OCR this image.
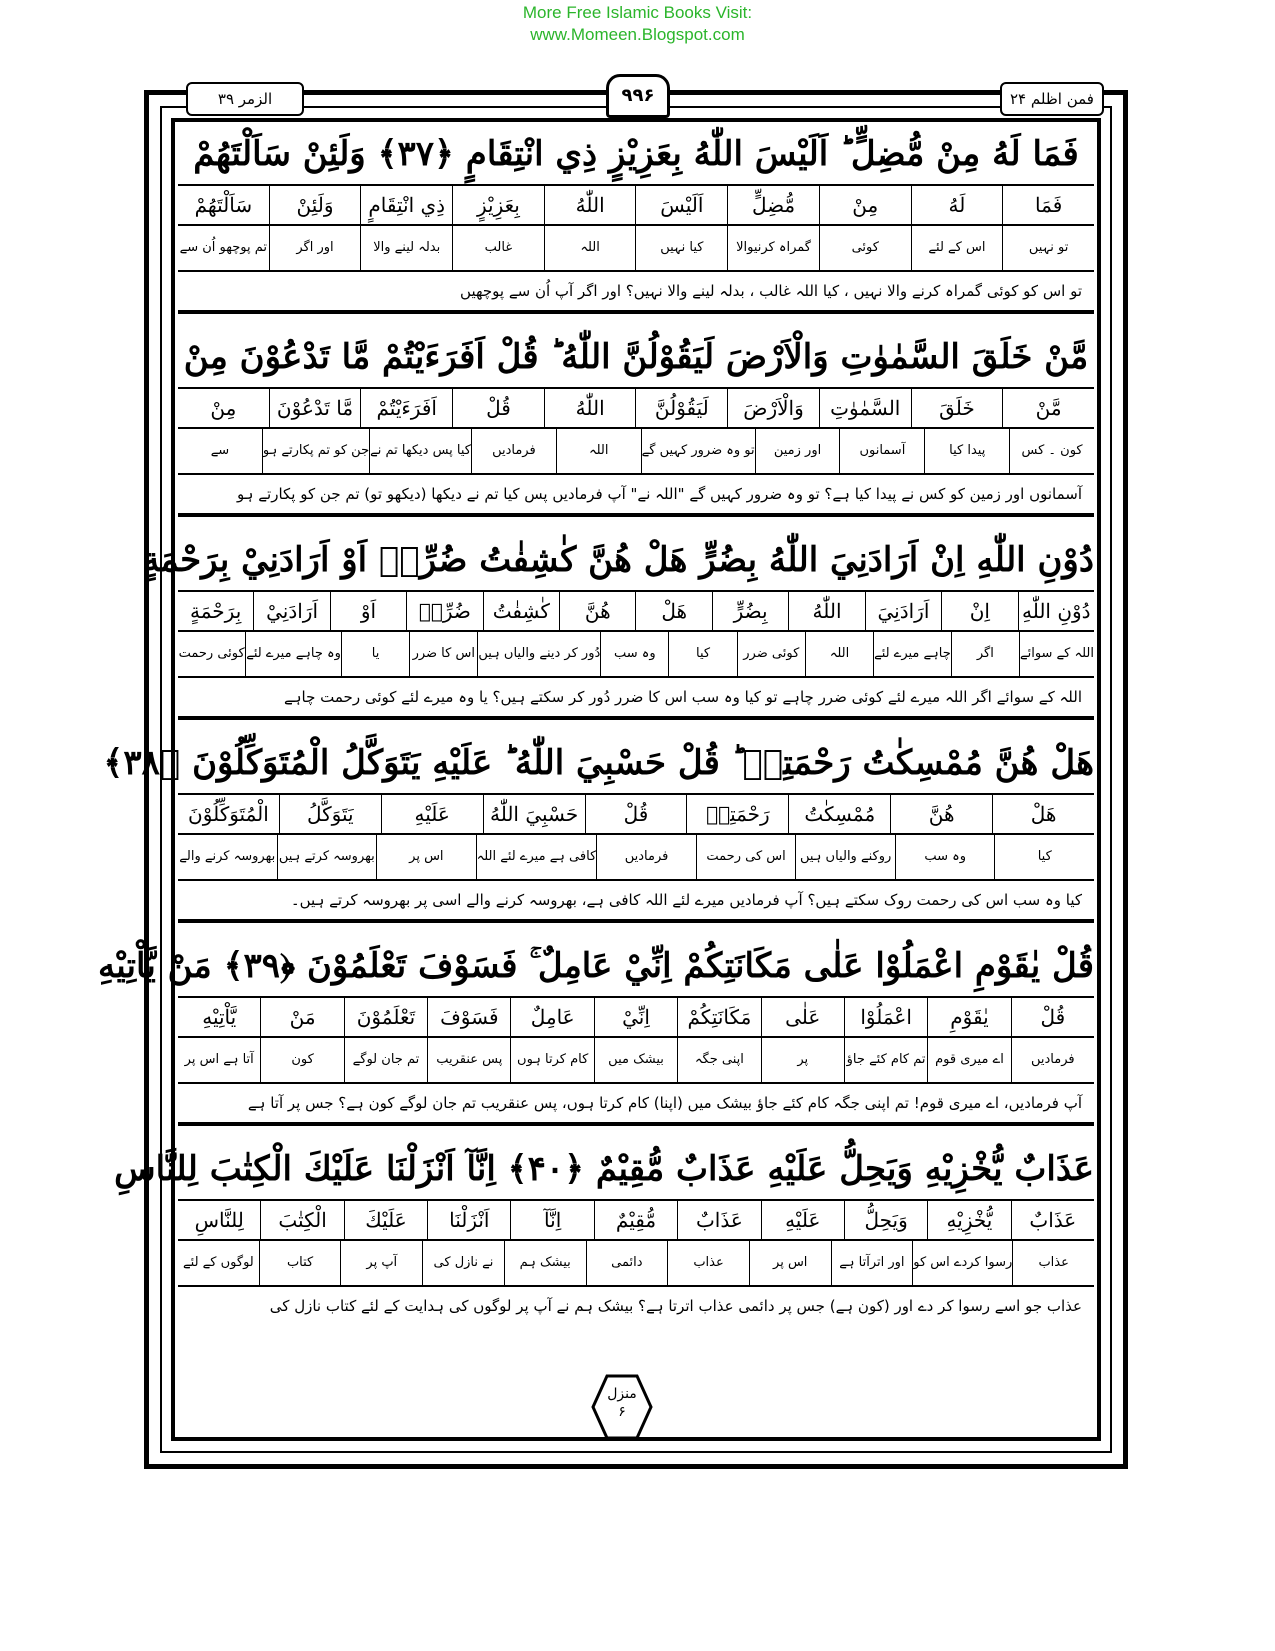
More Free Islamic Books Visit:
www.Momeen.Blogspot.com
الزمر ۳۹	۹۹۶	فمن اظلم ۲۴
فَمَا لَهُ مِنْ مُّضِلٍّ ؕ اَلَيْسَ اللّٰهُ بِعَزِيْزٍ ذِي انْتِقَامٍ ﴿۳۷﴾ وَلَئِنْ سَاَلْتَهُمْ
فَمَا
لَهُ
مِنْ
مُّضِلٍّ
اَلَيْسَ
اللّٰهُ
بِعَزِيْزٍ
ذِي انْتِقَامٍ
وَلَئِنْ
سَاَلْتَهُمْ
تو نہیں
اس کے لئے
کوئی
گمراہ کرنیوالا
کیا نہیں
اللہ
غالب
بدلہ لینے والا
اور اگر
تم پوچھو اُن سے
تو اس کو کوئی گمراہ کرنے والا نہیں ، کیا اللہ غالب ، بدلہ لینے والا نہیں؟ اور اگر آپ اُن سے پوچھیں
مَّنْ خَلَقَ السَّمٰوٰتِ وَالْاَرْضَ لَيَقُوْلُنَّ اللّٰهُ ؕ قُلْ اَفَرَءَيْتُمْ مَّا تَدْعُوْنَ مِنْ
مَّنْ
خَلَقَ
السَّمٰوٰتِ
وَالْاَرْضَ
لَيَقُوْلُنَّ
اللّٰهُ
قُلْ
اَفَرَءَيْتُمْ
مَّا تَدْعُوْنَ
مِنْ
کون ۔ کس
پیدا کیا
آسمانوں
اور زمین
تو وہ ضرور کہیں گے
اللہ
فرمادیں
کیا پس دیکھا تم نے
جن کو تم پکارتے ہو
سے
آسمانوں اور زمین کو کس نے پیدا کیا ہے؟ تو وہ ضرور کہیں گے "اللہ نے" آپ فرمادیں پس کیا تم نے دیکھا (دیکھو تو) تم جن کو پکارتے ہو
دُوْنِ اللّٰهِ اِنْ اَرَادَنِيَ اللّٰهُ بِضُرٍّ هَلْ هُنَّ كٰشِفٰتُ ضُرِّهٖ اَوْ اَرَادَنِيْ بِرَحْمَةٍ
دُوْنِ اللّٰهِ
اِنْ
اَرَادَنِيَ
اللّٰهُ
بِضُرٍّ
هَلْ
هُنَّ
كٰشِفٰتُ
ضُرِّهٖ
اَوْ
اَرَادَنِيْ
بِرَحْمَةٍ
اللہ کے سوائے
اگر
چاہے میرے لئے
اللہ
کوئی ضرر
کیا
وہ سب
دُور کر دینے والیاں ہیں
اس کا ضرر
یا
وہ چاہے میرے لئے
کوئی رحمت
اللہ کے سوائے اگر اللہ میرے لئے کوئی ضرر چاہے تو کیا وہ سب اس کا ضرر دُور کر سکتے ہیں؟ یا وہ میرے لئے کوئی رحمت چاہے
هَلْ هُنَّ مُمْسِكٰتُ رَحْمَتِهٖ ؕ قُلْ حَسْبِيَ اللّٰهُ ؕ عَلَيْهِ يَتَوَكَّلُ الْمُتَوَكِّلُوْنَ ﴿۳۸﴾
هَلْ
هُنَّ
مُمْسِكٰتُ
رَحْمَتِهٖ
قُلْ
حَسْبِيَ اللّٰهُ
عَلَيْهِ
يَتَوَكَّلُ
الْمُتَوَكِّلُوْنَ
کیا
وہ سب
روکنے والیاں ہیں
اس کی رحمت
فرمادیں
کافی ہے میرے لئے اللہ
اس پر
بھروسہ کرتے ہیں
بھروسہ کرنے والے
کیا وہ سب اس کی رحمت روک سکتے ہیں؟ آپ فرمادیں میرے لئے اللہ کافی ہے، بھروسہ کرنے والے اسی پر بھروسہ کرتے ہیں۔
قُلْ يٰقَوْمِ اعْمَلُوْا عَلٰى مَكَانَتِكُمْ اِنِّيْ عَامِلٌ ۚ فَسَوْفَ تَعْلَمُوْنَ ﴿۳۹﴾ مَنْ يَّاْتِيْهِ
قُلْ
يٰقَوْمِ
اعْمَلُوْا
عَلٰى
مَكَانَتِكُمْ
اِنِّيْ
عَامِلٌ
فَسَوْفَ
تَعْلَمُوْنَ
مَنْ
يَّاْتِيْهِ
فرمادیں
اے میری قوم
تم کام کئے جاؤ
پر
اپنی جگہ
بیشک میں
کام کرتا ہوں
پس عنقریب
تم جان لوگے
کون
آتا ہے اس پر
آپ فرمادیں، اے میری قوم! تم اپنی جگہ کام کئے جاؤ بیشک میں (اپنا) کام کرتا ہوں، پس عنقریب تم جان لوگے کون ہے؟ جس پر آتا ہے
عَذَابٌ يُّخْزِيْهِ وَيَحِلُّ عَلَيْهِ عَذَابٌ مُّقِيْمٌ ﴿۴۰﴾ اِنَّآ اَنْزَلْنَا عَلَيْكَ الْكِتٰبَ لِلنَّاسِ
عَذَابٌ
يُّخْزِيْهِ
وَيَحِلُّ
عَلَيْهِ
عَذَابٌ
مُّقِيْمٌ
اِنَّآ
اَنْزَلْنَا
عَلَيْكَ
الْكِتٰبَ
لِلنَّاسِ
عذاب
رسوا کردے اس کو
اور اترآتا ہے
اس پر
عذاب
دائمی
بیشک ہم
نے نازل کی
آپ پر
کتاب
لوگوں کے لئے
عذاب جو اسے رسوا کر دے اور (کون ہے) جس پر دائمی عذاب اترتا ہے؟ بیشک ہم نے آپ پر لوگوں کی ہدایت کے لئے کتاب نازل کی
منزل
۶
